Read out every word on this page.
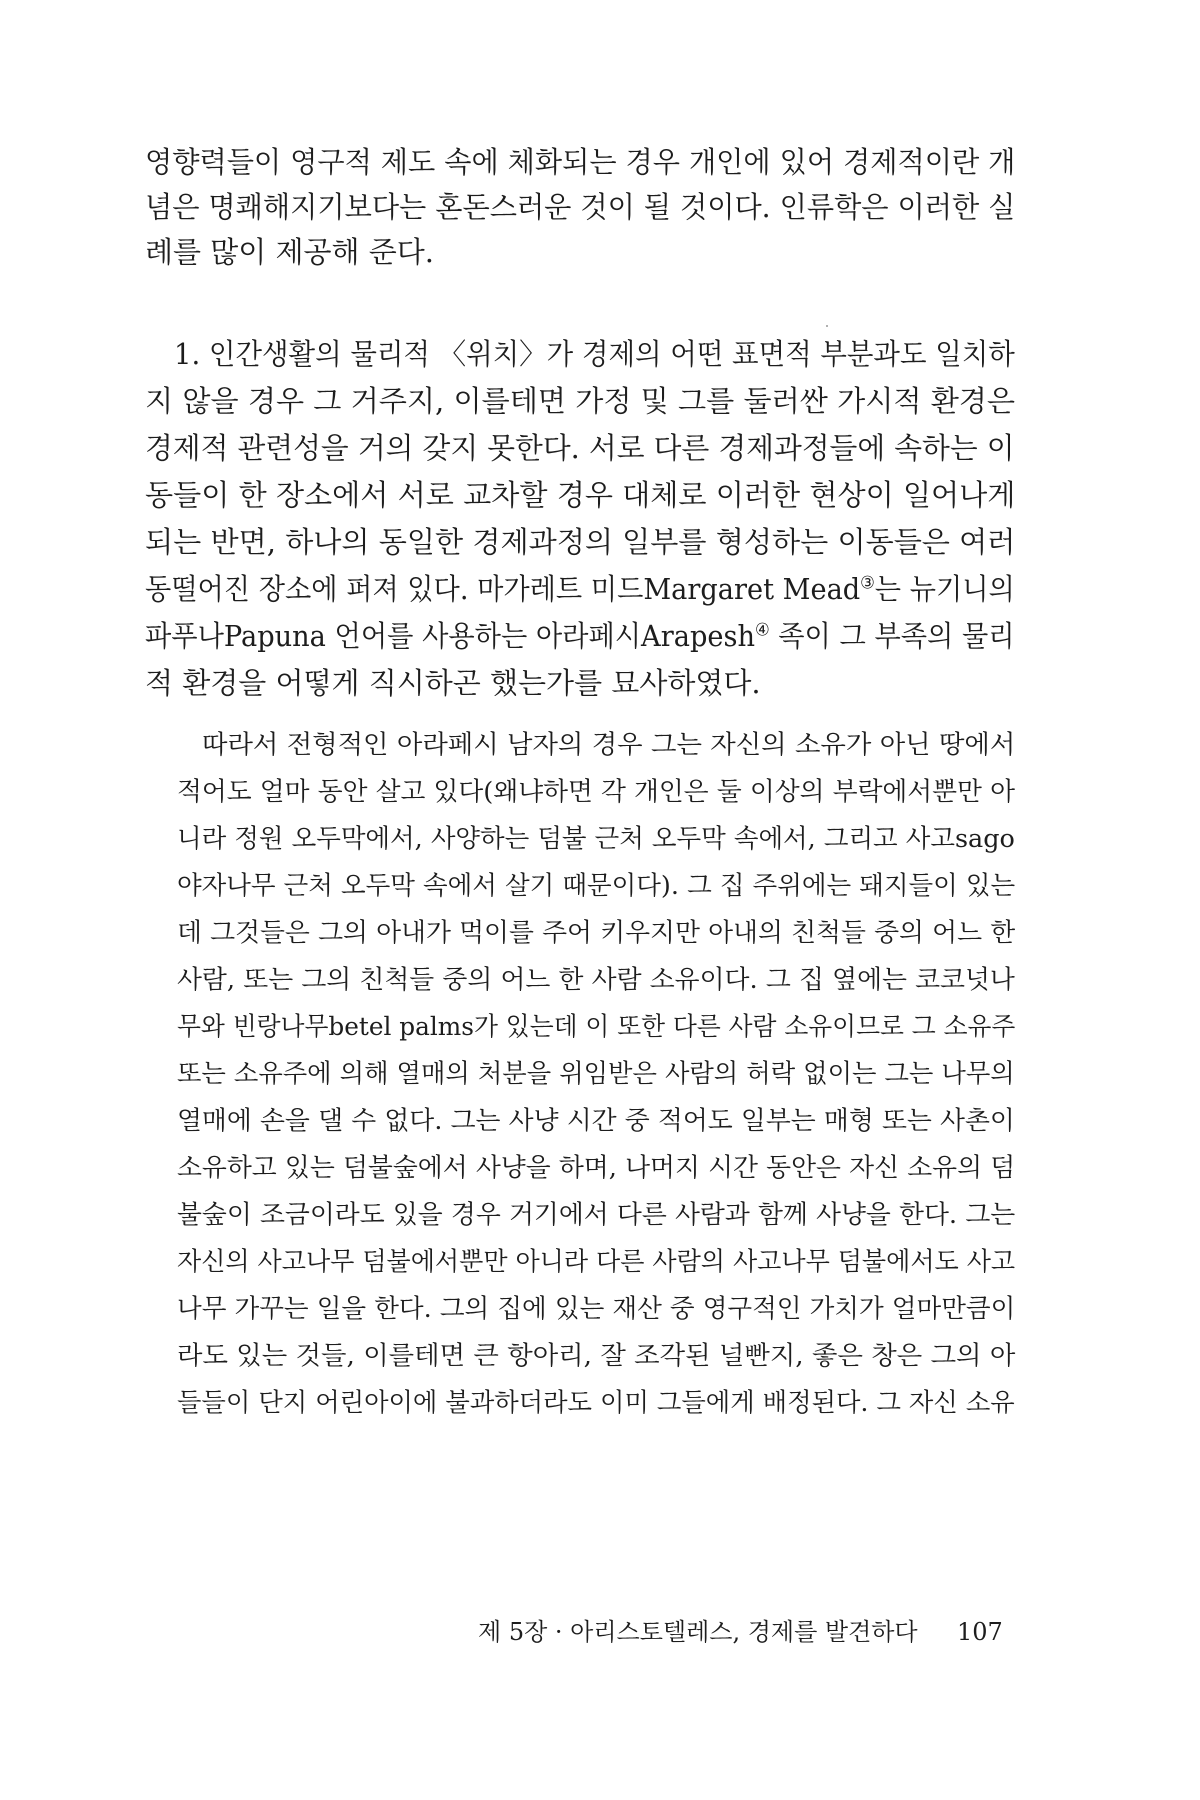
영향력들이 영구적 제도 속에 체화되는 경우 개인에 있어 경제적이란 개
념은 명쾌해지기보다는 혼돈스러운 것이 될 것이다. 인류학은 이러한 실
례를 많이 제공해 준다.
1. 인간생활의 물리적 〈위치〉가 경제의 어떤 표면적 부분과도 일치하
지 않을 경우 그 거주지, 이를테면 가정 및 그를 둘러싼 가시적 환경은
경제적 관련성을 거의 갖지 못한다. 서로 다른 경제과정들에 속하는 이
동들이 한 장소에서 서로 교차할 경우 대체로 이러한 현상이 일어나게
되는 반면, 하나의 동일한 경제과정의 일부를 형성하는 이동들은 여러
동떨어진 장소에 퍼져 있다. 마가레트 미드Margaret Mead③는 뉴기니의
파푸나Papuna 언어를 사용하는 아라페시Arapesh④ 족이 그 부족의 물리
적 환경을 어떻게 직시하곤 했는가를 묘사하였다.
따라서 전형적인 아라페시 남자의 경우 그는 자신의 소유가 아닌 땅에서
적어도 얼마 동안 살고 있다(왜냐하면 각 개인은 둘 이상의 부락에서뿐만 아
니라 정원 오두막에서, 사양하는 덤불 근처 오두막 속에서, 그리고 사고sago
야자나무 근처 오두막 속에서 살기 때문이다). 그 집 주위에는 돼지들이 있는
데 그것들은 그의 아내가 먹이를 주어 키우지만 아내의 친척들 중의 어느 한
사람, 또는 그의 친척들 중의 어느 한 사람 소유이다. 그 집 옆에는 코코넛나
무와 빈랑나무betel palms가 있는데 이 또한 다른 사람 소유이므로 그 소유주
또는 소유주에 의해 열매의 처분을 위임받은 사람의 허락 없이는 그는 나무의
열매에 손을 댈 수 없다. 그는 사냥 시간 중 적어도 일부는 매형 또는 사촌이
소유하고 있는 덤불숲에서 사냥을 하며, 나머지 시간 동안은 자신 소유의 덤
불숲이 조금이라도 있을 경우 거기에서 다른 사람과 함께 사냥을 한다. 그는
자신의 사고나무 덤불에서뿐만 아니라 다른 사람의 사고나무 덤불에서도 사고
나무 가꾸는 일을 한다. 그의 집에 있는 재산 중 영구적인 가치가 얼마만큼이
라도 있는 것들, 이를테면 큰 항아리, 잘 조각된 널빤지, 좋은 창은 그의 아
들들이 단지 어린아이에 불과하더라도 이미 그들에게 배정된다. 그 자신 소유
제 5장 · 아리스토텔레스, 경제를 발견하다 107
